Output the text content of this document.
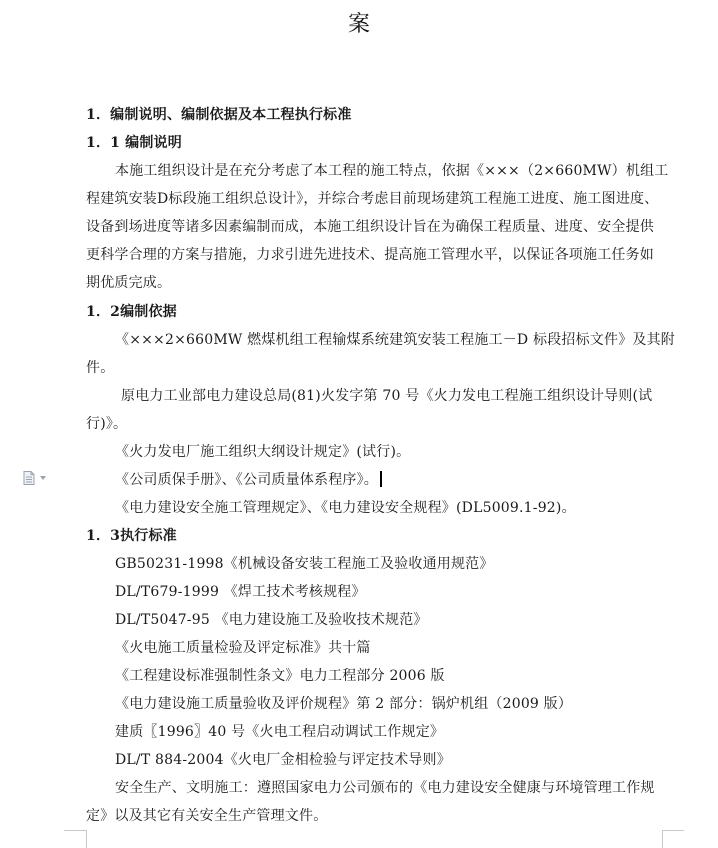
案
1．编制说明、编制依据及本工程执行标准
1．1 编制说明
本施工组织设计是在充分考虑了本工程的施工特点，依据《×××（2×660MW）机组工
程建筑安装D标段施工组织总设计》，并综合考虑目前现场建筑工程施工进度、施工图进度、
设备到场进度等诸多因素编制而成，本施工组织设计旨在为确保工程质量、进度、安全提供
更科学合理的方案与措施，力求引进先进技术、提高施工管理水平，以保证各项施工任务如
期优质完成。
1．2编制依据
《×××2×660MW 燃煤机组工程输煤系统建筑安装工程施工－D 标段招标文件》及其附
件。
原电力工业部电力建设总局(81)火发字第 70 号《火力发电工程施工组织设计导则(试
行)》。
《火力发电厂施工组织大纲设计规定》(试行)。
《公司质保手册》、《公司质量体系程序》。
《电力建设安全施工管理规定》、《电力建设安全规程》(DL5009.1-92)。
1．3执行标准
GB50231-1998《机械设备安装工程施工及验收通用规范》
DL/T679-1999 《焊工技术考核规程》
DL/T5047-95 《电力建设施工及验收技术规范》
《火电施工质量检验及评定标准》共十篇
《工程建设标准强制性条文》电力工程部分 2006 版
《电力建设施工质量验收及评价规程》第 2 部分：锅炉机组（2009 版）
建质〖1996〗40 号《火电工程启动调试工作规定》
DL/T 884-2004《火电厂金相检验与评定技术导则》
安全生产、文明施工：遵照国家电力公司颁布的《电力建设安全健康与环境管理工作规
定》以及其它有关安全生产管理文件。
